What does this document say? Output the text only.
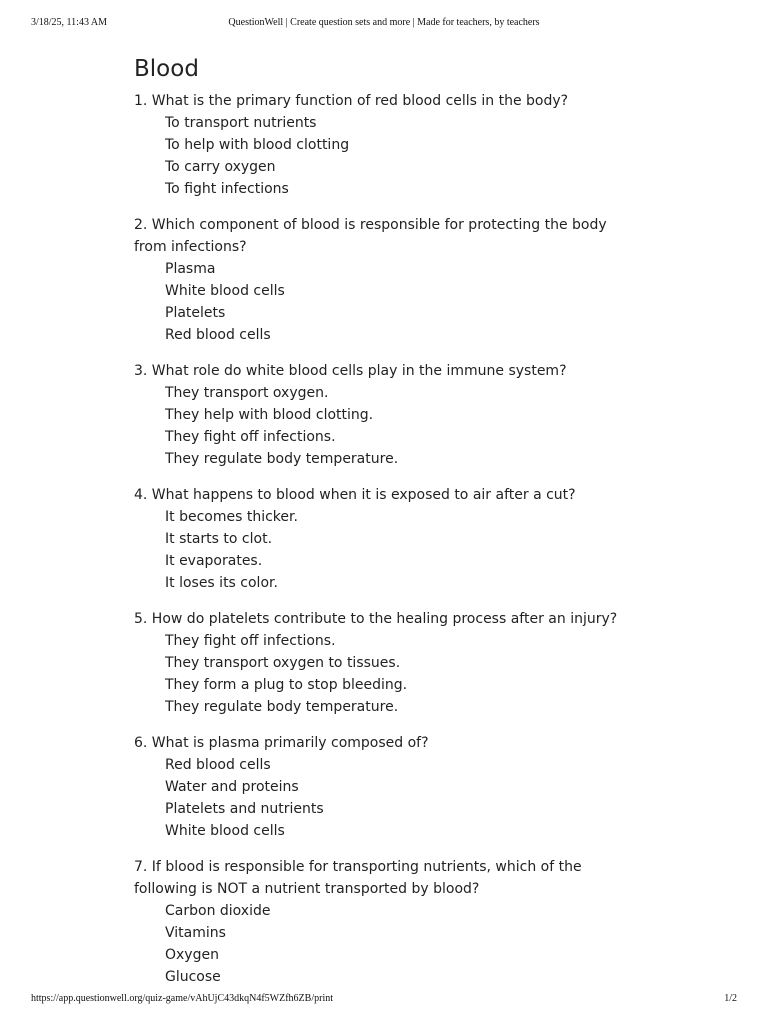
3/18/25, 11:43 AM	QuestionWell | Create question sets and more | Made for teachers, by teachers
Blood
1. What is the primary function of red blood cells in the body?
To transport nutrients
To help with blood clotting
To carry oxygen
To fight infections
2. Which component of blood is responsible for protecting the body from infections?
Plasma
White blood cells
Platelets
Red blood cells
3. What role do white blood cells play in the immune system?
They transport oxygen.
They help with blood clotting.
They fight off infections.
They regulate body temperature.
4. What happens to blood when it is exposed to air after a cut?
It becomes thicker.
It starts to clot.
It evaporates.
It loses its color.
5. How do platelets contribute to the healing process after an injury?
They fight off infections.
They transport oxygen to tissues.
They form a plug to stop bleeding.
They regulate body temperature.
6. What is plasma primarily composed of?
Red blood cells
Water and proteins
Platelets and nutrients
White blood cells
7. If blood is responsible for transporting nutrients, which of the following is NOT a nutrient transported by blood?
Carbon dioxide
Vitamins
Oxygen
Glucose
https://app.questionwell.org/quiz-game/vAhUjC43dkqN4f5WZfh6ZB/print	1/2
